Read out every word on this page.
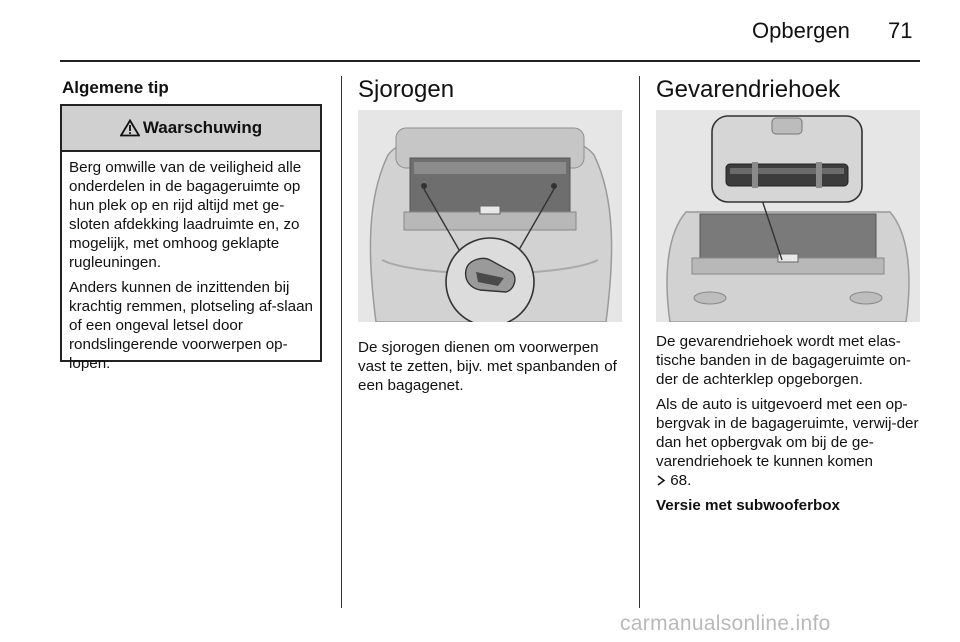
Opbergen 71
Algemene tip
Waarschuwing

Berg omwille van de veiligheid alle onderdelen in de bagageruimte op hun plek op en rijd altijd met ge-sloten afdekking laadruimte en, zo mogelijk, met omhoog geklapte rugleuningen.

Anders kunnen de inzittenden bij krachtig remmen, plotseling af-slaan of een ongeval letsel door rondslingerende voorwerpen op-lopen.

Sjorogen

De sjorogen dienen om voorwerpen vast te zetten, bijv. met spanbanden of een bagagenet.

Gevarendriehoek

De gevarendriehoek wordt met elas-tische banden in de bagageruimte on-der de achterklep opgeborgen.

Als de auto is uitgevoerd met een op-bergvak in de bagageruimte, verwij-der dan het opbergvak om bij de ge-varendriehoek te kunnen komen
68.

Versie met subwooferbox

carmanualsonline.info
